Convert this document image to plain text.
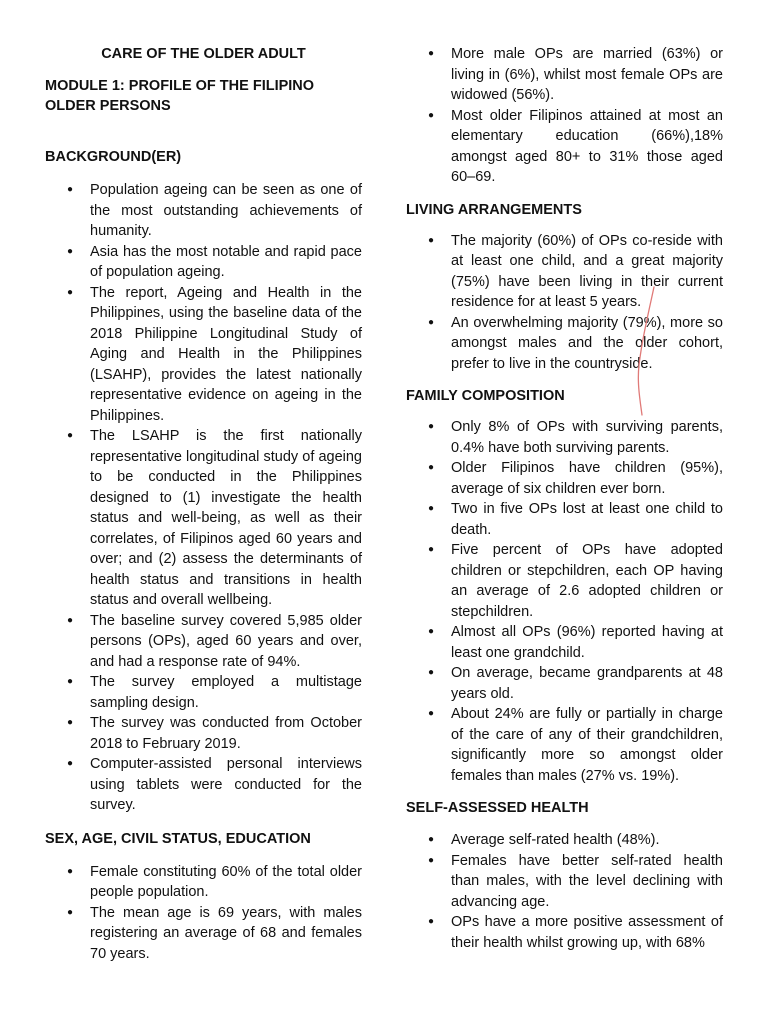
CARE OF THE OLDER ADULT
MODULE 1: PROFILE OF THE FILIPINO OLDER PERSONS
BACKGROUND(ER)
● Population ageing can be seen as one of the most outstanding achievements of humanity.
● Asia has the most notable and rapid pace of population ageing.
● The report, Ageing and Health in the Philippines, using the baseline data of the 2018 Philippine Longitudinal Study of Aging and Health in the Philippines (LSAHP), provides the latest nationally representative evidence on ageing in the Philippines.
● The LSAHP is the first nationally representative longitudinal study of ageing to be conducted in the Philippines designed to (1) investigate the health status and well-being, as well as their correlates, of Filipinos aged 60 years and over; and (2) assess the determinants of health status and transitions in health status and overall wellbeing.
● The baseline survey covered 5,985 older persons (OPs), aged 60 years and over, and had a response rate of 94%.
● The survey employed a multistage sampling design.
● The survey was conducted from October 2018 to February 2019.
● Computer-assisted personal interviews using tablets were conducted for the survey.
SEX, AGE, CIVIL STATUS, EDUCATION
● Female constituting 60% of the total older people population.
● The mean age is 69 years, with males registering an average of 68 and females 70 years.
● More male OPs are married (63%) or living in (6%), whilst most female OPs are widowed (56%).
● Most older Filipinos attained at most an elementary education (66%),18% amongst aged 80+ to 31% those aged 60–69.
LIVING ARRANGEMENTS
● The majority (60%) of OPs co-reside with at least one child, and a great majority (75%) have been living in their current residence for at least 5 years.
● An overwhelming majority (79%), more so amongst males and the older cohort, prefer to live in the countryside.
FAMILY COMPOSITION
● Only 8% of OPs with surviving parents, 0.4% have both surviving parents.
● Older Filipinos have children (95%), average of six children ever born.
● Two in five OPs lost at least one child to death.
● Five percent of OPs have adopted children or stepchildren, each OP having an average of 2.6 adopted children or stepchildren.
● Almost all OPs (96%) reported having at least one grandchild.
● On average, became grandparents at 48 years old.
● About 24% are fully or partially in charge of the care of any of their grandchildren, significantly more so amongst older females than males (27% vs. 19%).
SELF-ASSESSED HEALTH
● Average self-rated health (48%).
● Females have better self-rated health than males, with the level declining with advancing age.
● OPs have a more positive assessment of their health whilst growing up, with 68%
